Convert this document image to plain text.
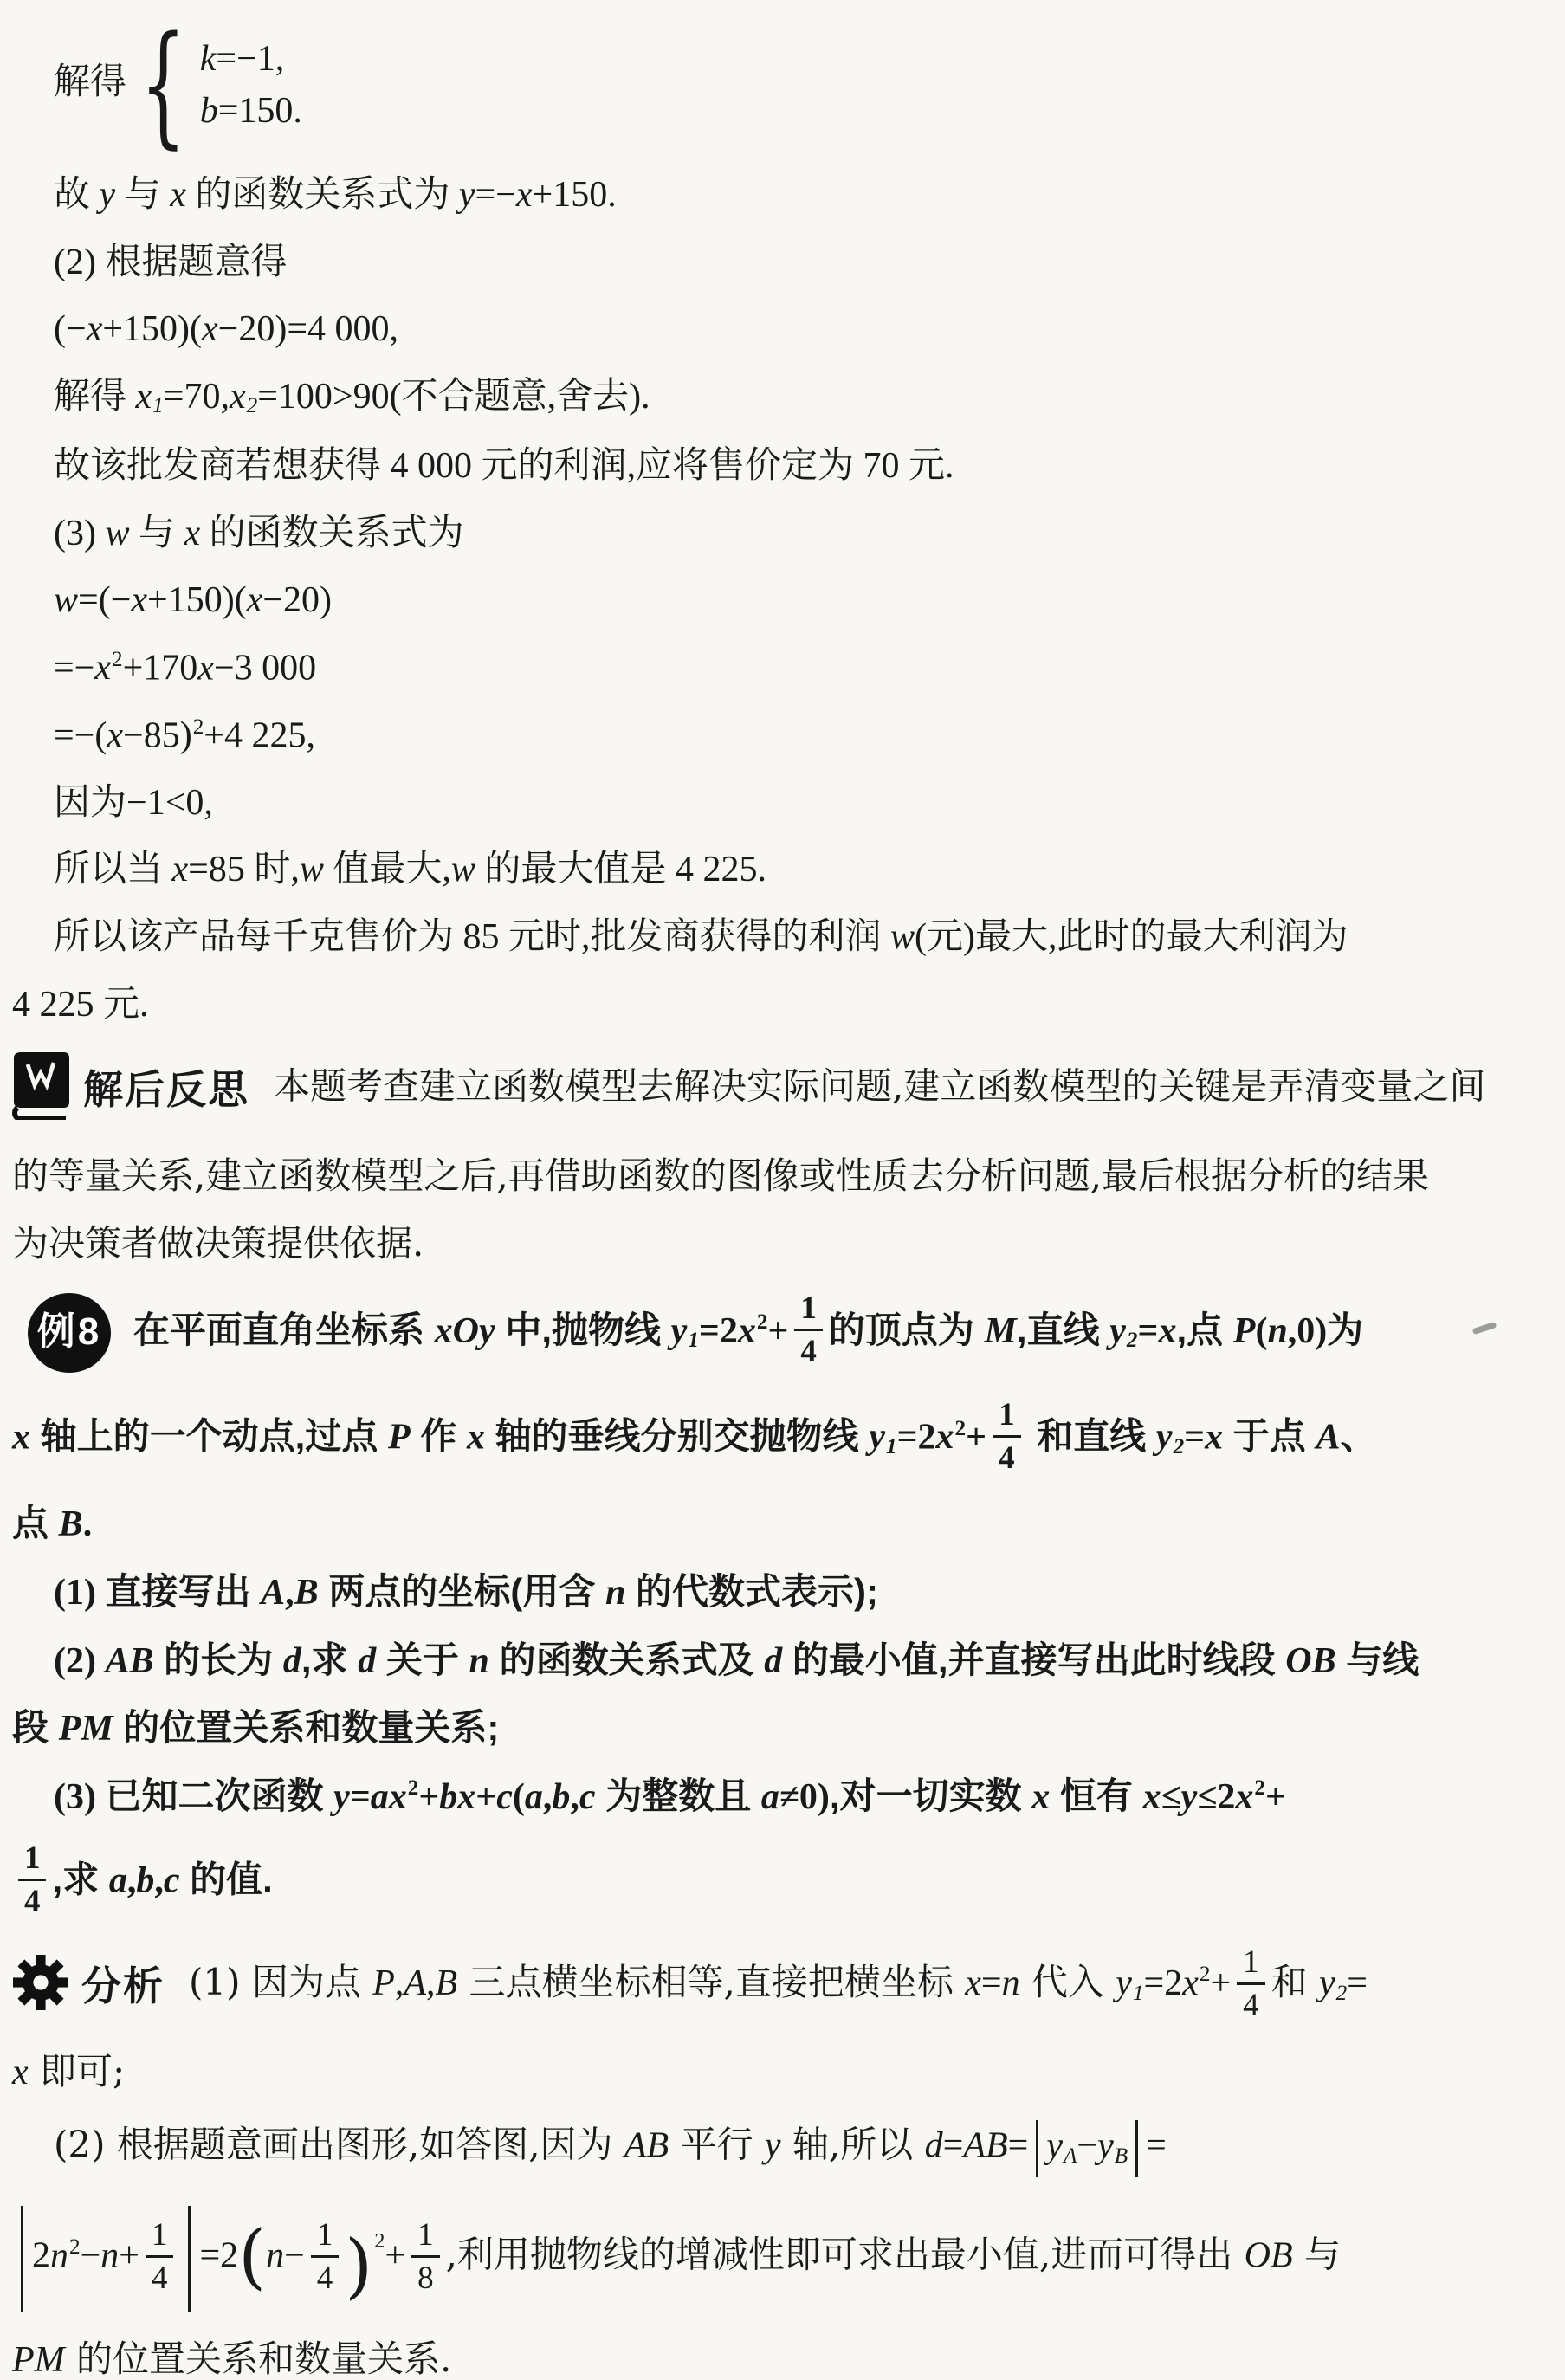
解得 { k=−1,
b=150.

故 y 与 x 的函数关系式为 y=−x+150.

(2) 根据题意得

(−x+150)(x−20)=4 000,

解得 x1=70,x2=100>90(不合题意,舍去).

故该批发商若想获得 4 000 元的利润,应将售价定为 70 元.

(3) w 与 x 的函数关系式为

w=(−x+150)(x−20)

$=-x^2+170x-3$ 000

$=-(x-85)^2+4$ 225,

因为−1<0,

所以当 x=85 时,w 值最大,w 的最大值是 4 225.

所以该产品每千克售价为 85 元时,批发商获得的利润 w(元)最大,此时的最大利润为

4 225 元.

解后反思 本题考查建立函数模型去解决实际问题,建立函数模型的关键是弄清变量之间

的等量关系,建立函数模型之后,再借助函数的图像或性质去分析问题,最后根据分析的结果

为决策者做决策提供依据.

例8 在平面直角坐标系 xOy 中,抛物线 $y1=2x^2+ \frac{1}{4}$ 的顶点为 M,直线 y2=x,点 P(n,0)为

x 轴上的一个动点,过点 P 作 x 轴的垂线分别交抛物线 $y1=2x^2+ \frac{1}{4}$ 和直线 y2=x 于点 A、

点 B.

(1) 直接写出 A,B 两点的坐标(用含 n 的代数式表示);

(2) AB 的长为 d,求 d 关于 n 的函数关系式及 d 的最小值,并直接写出此时线段 OB 与线

段 PM 的位置关系和数量关系;

(3) 已知二次函数 $y=ax^2+bx+c(a,b,c$ 为整数且 a≠0),对一切实数 x 恒有 $x\le y\le 2x^2+$

$\frac{1}{4}$ ,求 a,b,c 的值.

分析 (1) 因为点 P,A,B 三点横坐标相等,直接把横坐标 x=n 代入 $y1=2x^2+ \frac{1}{4}$ 和 y2=

x 即可;

(2) 根据题意画出图形,如答图,因为 AB 平行 y 轴,所以 d=AB= yA−yB =

$2n^2-n+ \frac{1}{4} =2(n- \frac{1}{4} )^2+ \frac{1}{8}$ ,利用抛物线的增减性即可求出最小值,进而可得出 OB 与

PM 的位置关系和数量关系.
